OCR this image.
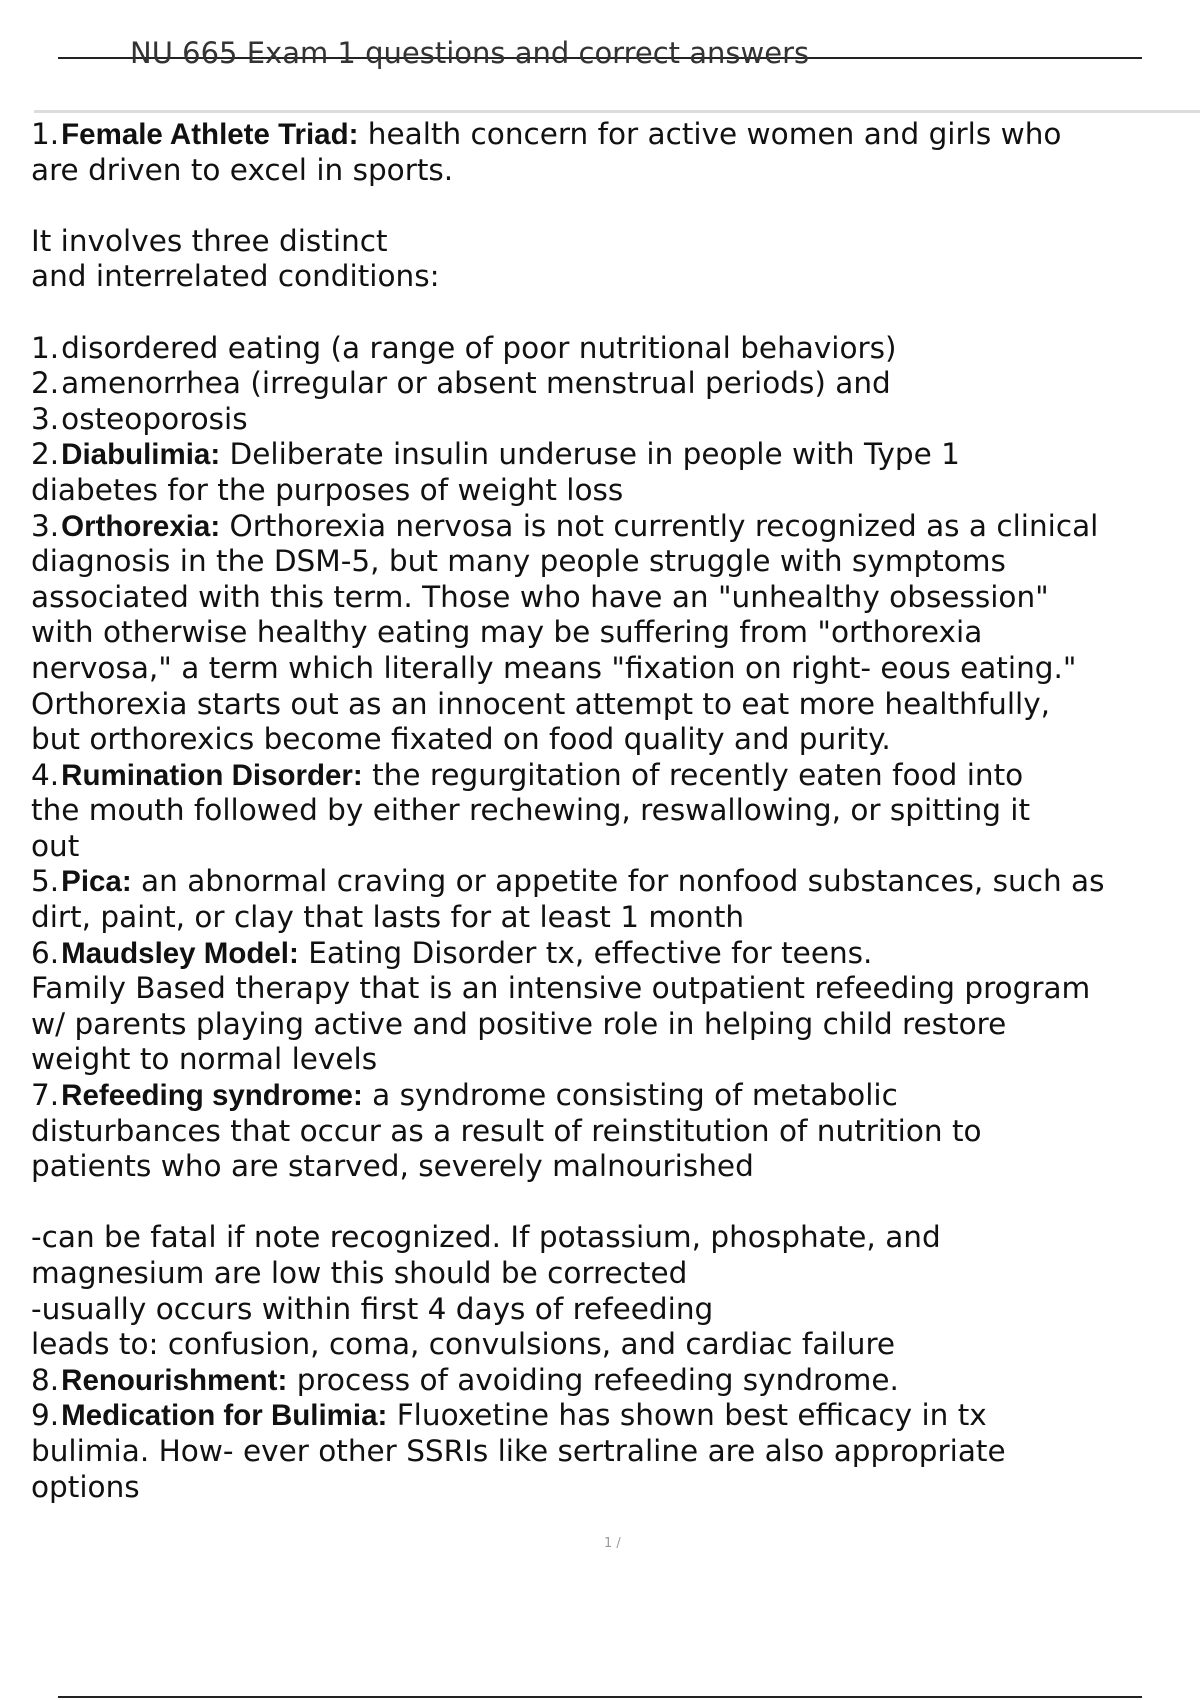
NU 665 Exam 1 questions and correct answers
1.Female Athlete Triad: health concern for active women and girls who
are driven to excel in sports.
It involves three distinct
and interrelated conditions:
1.disordered eating (a range of poor nutritional behaviors)
2.amenorrhea (irregular or absent menstrual periods) and
3.osteoporosis
2.Diabulimia: Deliberate insulin underuse in people with Type 1
diabetes for the purposes of weight loss
3.Orthorexia: Orthorexia nervosa is not currently recognized as a clinical
diagnosis in the DSM-5, but many people struggle with symptoms
associated with this term. Those who have an "unhealthy obsession"
with otherwise healthy eating may be suffering from "orthorexia
nervosa," a term which literally means "fixation on right- eous eating."
Orthorexia starts out as an innocent attempt to eat more healthfully,
but orthorexics become fixated on food quality and purity.
4.Rumination Disorder: the regurgitation of recently eaten food into
the mouth followed by either rechewing, reswallowing, or spitting it
out
5.Pica: an abnormal craving or appetite for nonfood substances, such as
dirt, paint, or clay that lasts for at least 1 month
6.Maudsley Model: Eating Disorder tx, effective for teens.
Family Based therapy that is an intensive outpatient refeeding program
w/ parents playing active and positive role in helping child restore
weight to normal levels
7.Refeeding syndrome: a syndrome consisting of metabolic
disturbances that occur as a result of reinstitution of nutrition to
patients who are starved, severely malnourished
-can be fatal if note recognized. If potassium, phosphate, and
magnesium are low this should be corrected
-usually occurs within first 4 days of refeeding
leads to: confusion, coma, convulsions, and cardiac failure
8.Renourishment: process of avoiding refeeding syndrome.
9.Medication for Bulimia: Fluoxetine has shown best efficacy in tx
bulimia. How- ever other SSRIs like sertraline are also appropriate
options
1 /
